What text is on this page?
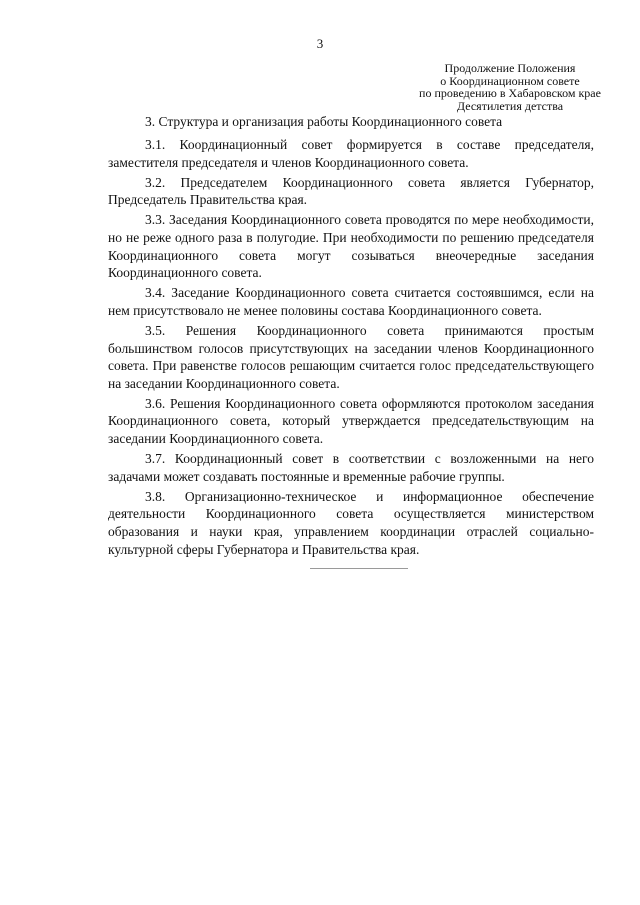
3
Продолжение Положения
о Координационном совете
по проведению в Хабаровском крае
Десятилетия детства
3. Структура и организация работы Координационного совета

3.1. Координационный совет формируется в составе председателя, заместителя председателя и членов Координационного совета.

3.2. Председателем Координационного совета является Губернатор, Председатель Правительства края.

3.3. Заседания Координационного совета проводятся по мере необходимости, но не реже одного раза в полугодие. При необходимости по решению председателя Координационного совета могут созываться внеочередные заседания Координационного совета.

3.4. Заседание Координационного совета считается состоявшимся, если на нем присутствовало не менее половины состава Координационного совета.

3.5. Решения Координационного совета принимаются простым большинством голосов присутствующих на заседании членов Координационного совета. При равенстве голосов решающим считается голос председательствующего на заседании Координационного совета.

3.6. Решения Координационного совета оформляются протоколом заседания Координационного совета, который утверждается председательствующим на заседании Координационного совета.

3.7. Координационный совет в соответствии с возложенными на него задачами может создавать постоянные и временные рабочие группы.

3.8. Организационно-техническое и информационное обеспечение деятельности Координационного совета осуществляется министерством образования и науки края, управлением координации отраслей социально-культурной сферы Губернатора и Правительства края.
